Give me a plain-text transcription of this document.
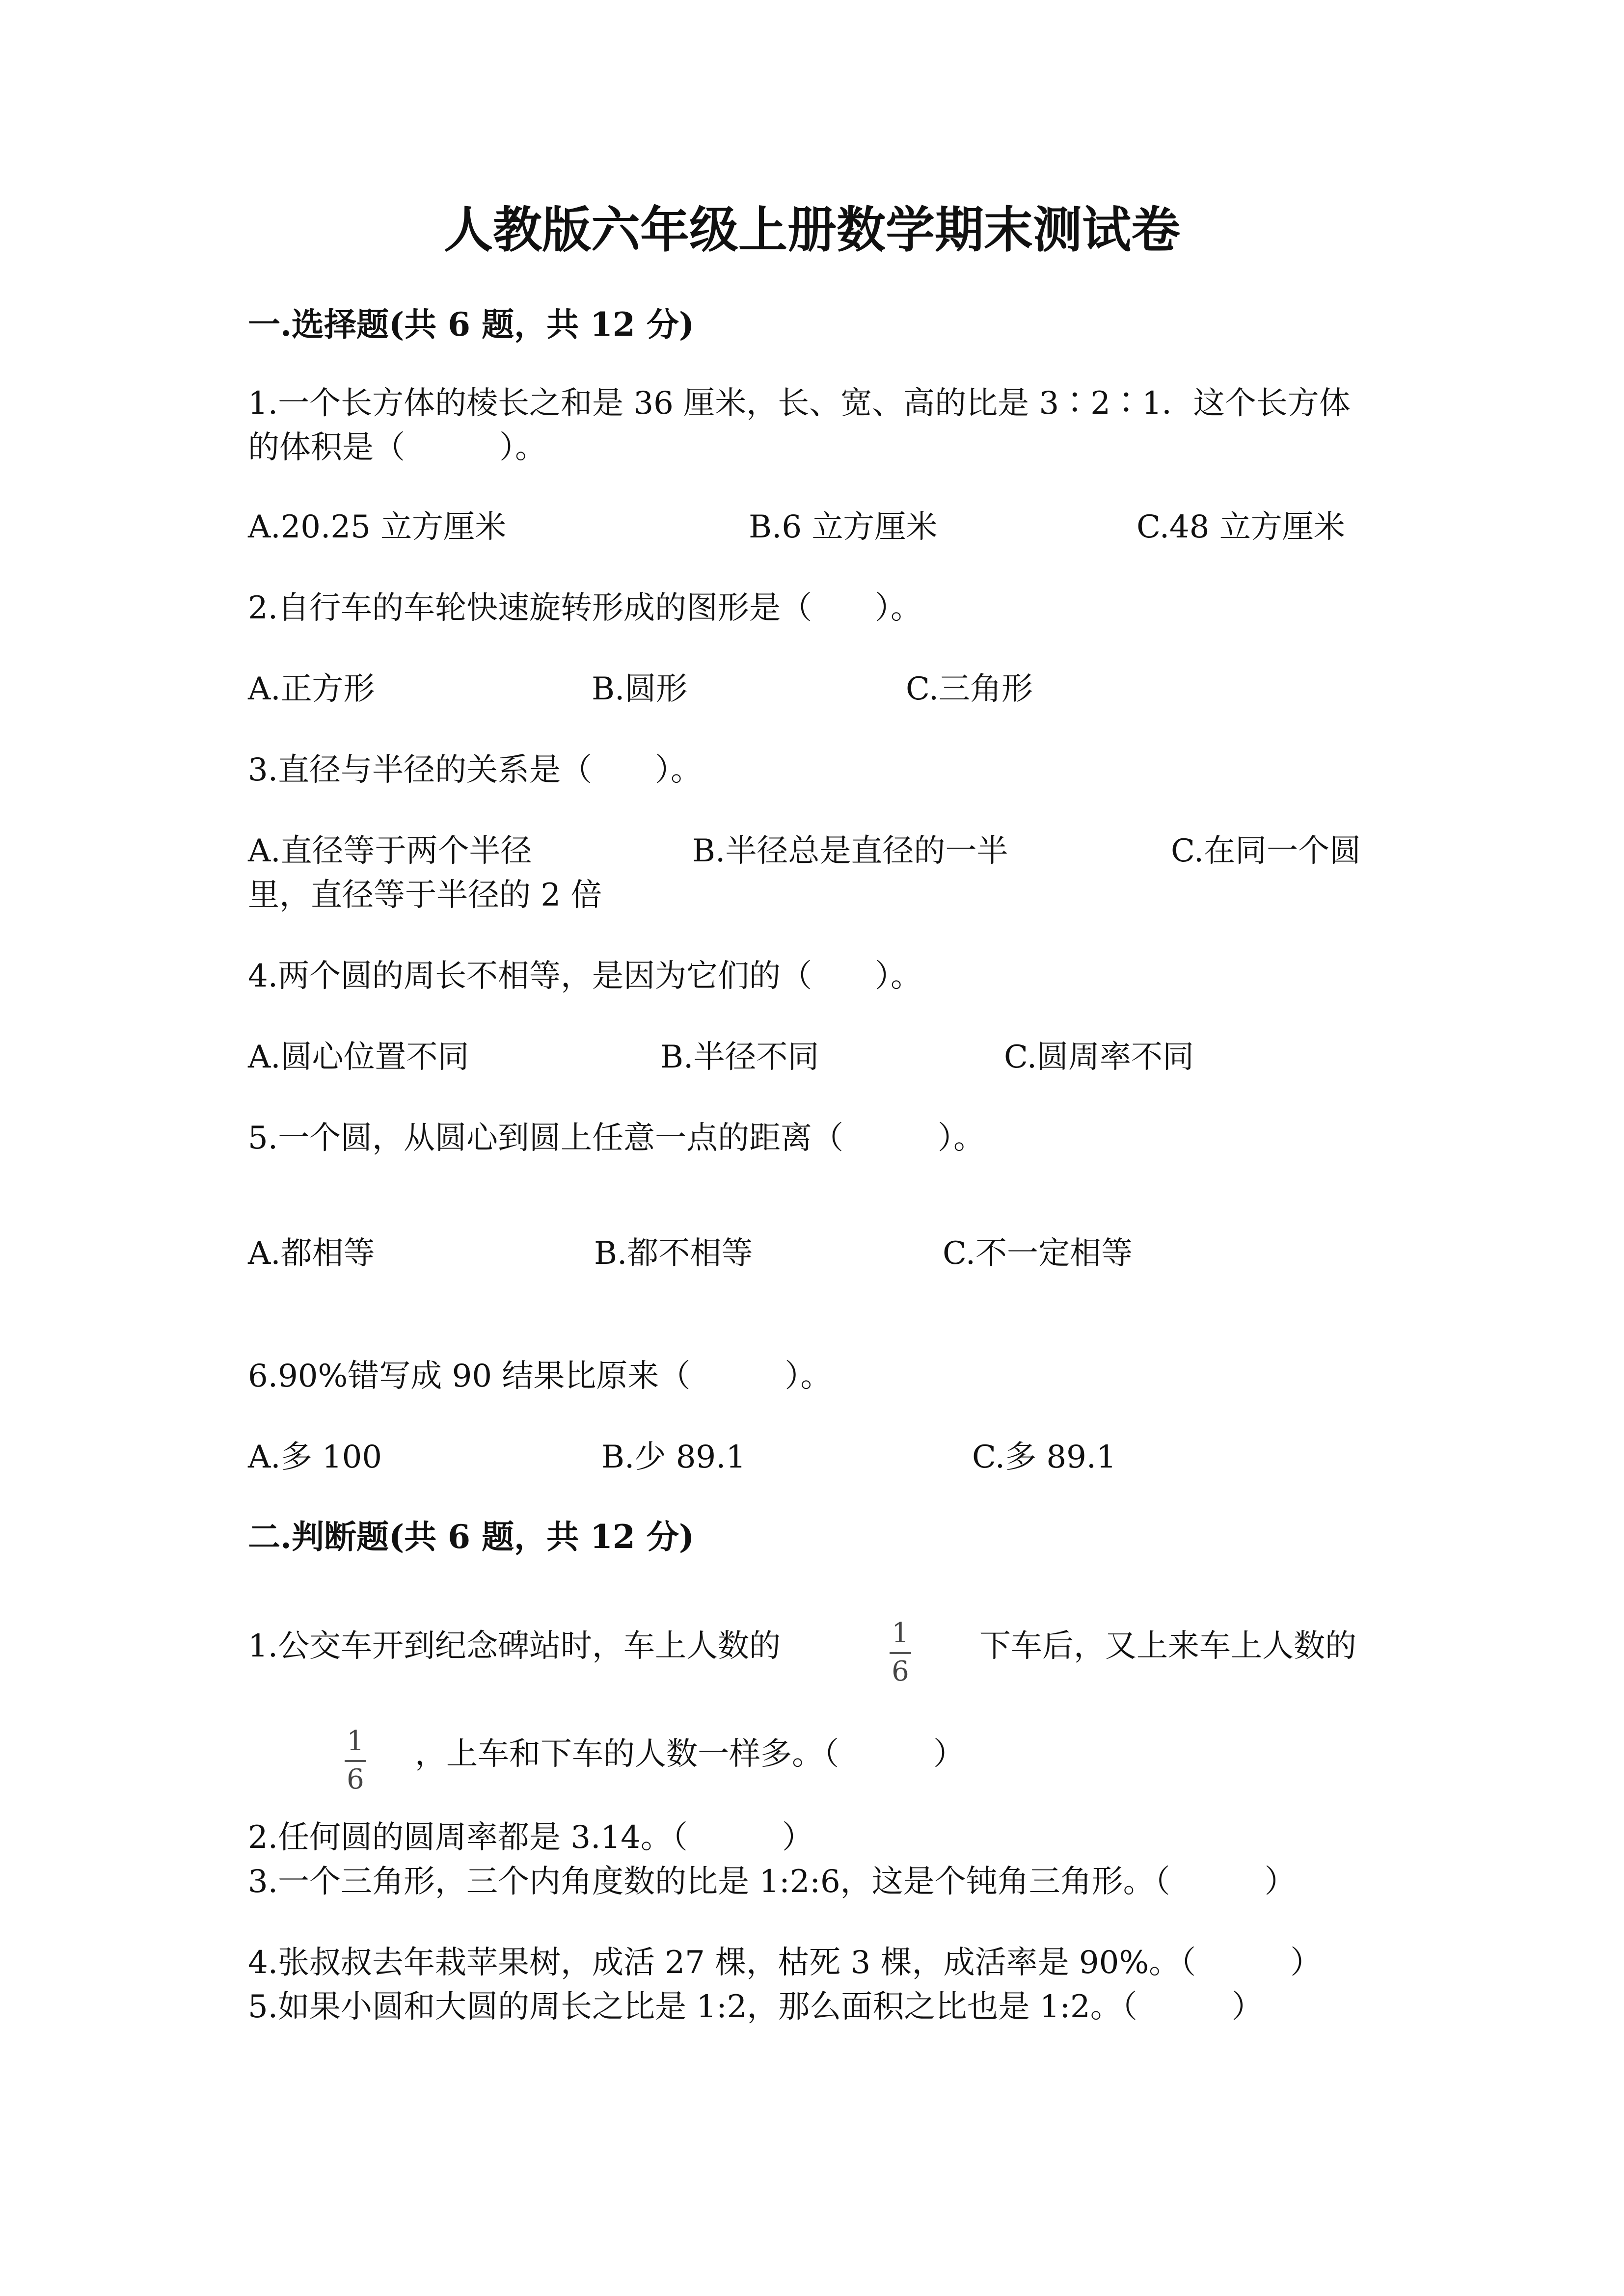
人教版六年级上册数学期末测试卷
一.选择题(共 6 题，共 12 分)
1.一个长方体的棱长之和是 36 厘米，长、宽、高的比是 3∶2∶1．这个长方体
的体积是（　　　）。
A.20.25 立方厘米	B.6 立方厘米	C.48 立方厘米
2.自行车的车轮快速旋转形成的图形是（　　）。
A.正方形	B.圆形	C.三角形
3.直径与半径的关系是（　　）。
A.直径等于两个半径	B.半径总是直径的一半	C.在同一个圆
里，直径等于半径的 2 倍
4.两个圆的周长不相等，是因为它们的（　　）。
A.圆心位置不同	B.半径不同	C.圆周率不同
5.一个圆，从圆心到圆上任意一点的距离（　　　）。
A.都相等	B.都不相等	C.不一定相等
6.90%错写成 90 结果比原来（　　　）。
A.多 100	B.少 89.1	C.多 89.1
二.判断题(共 6 题，共 12 分)
1.公交车开到纪念碑站时，车上人数的	1
6
下车后，又上来车上人数的
1
6
，上车和下车的人数一样多。（　　　）
2.任何圆的圆周率都是 3.14。（　　　）
3.一个三角形，三个内角度数的比是 1:2:6，这是个钝角三角形。（　　　）
4.张叔叔去年栽苹果树，成活 27 棵，枯死 3 棵，成活率是 90%。（　　　）
5.如果小圆和大圆的周长之比是 1:2，那么面积之比也是 1:2。（　　　）
